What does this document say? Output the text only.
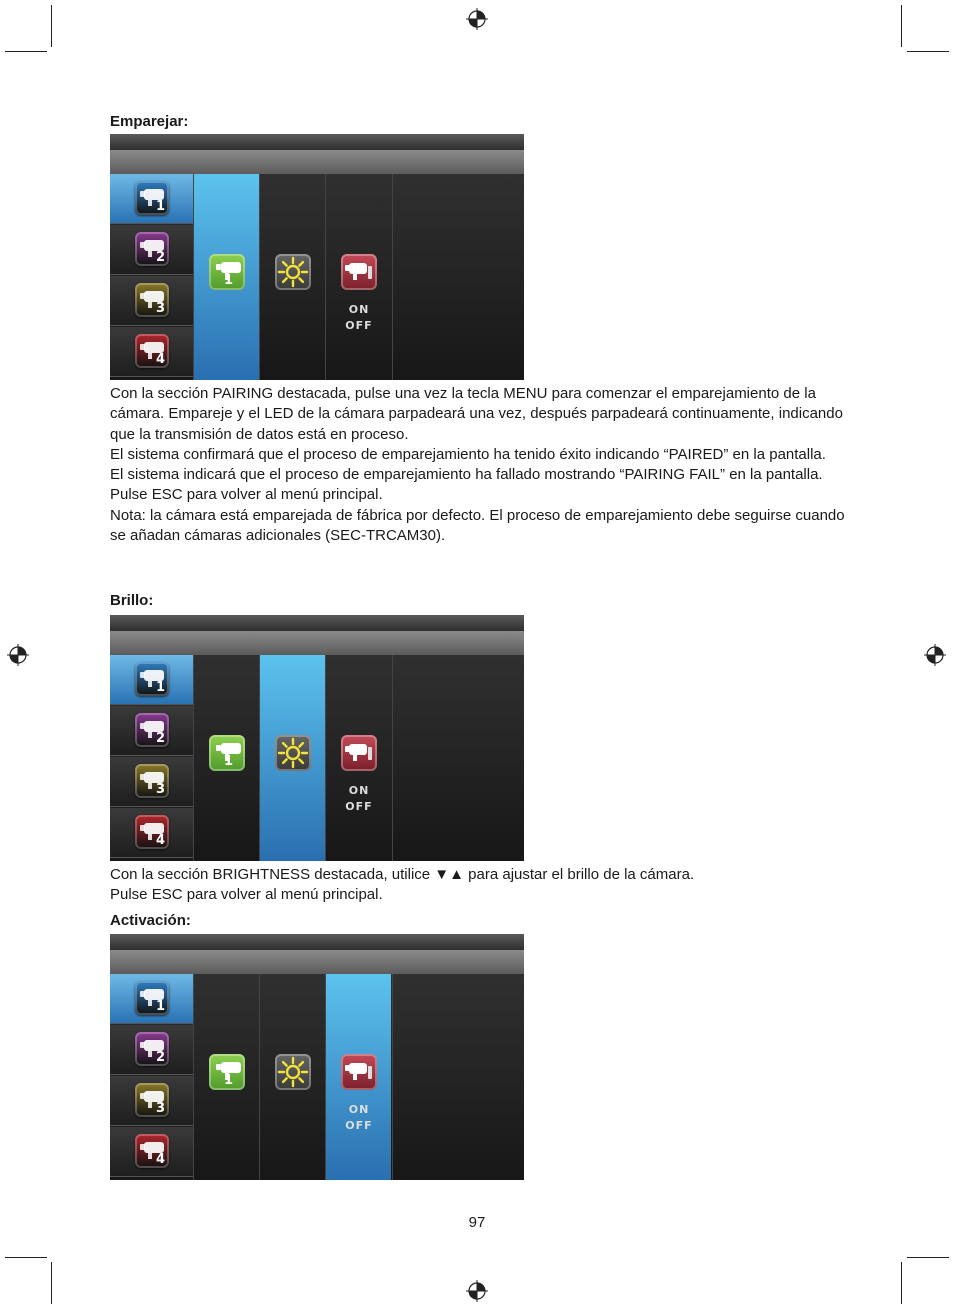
Emparejar:
1
2
3
4
1
ON
OFF

Con la sección PAIRING destacada, pulse una vez la tecla MENU para comenzar el emparejamiento de la cámara. Empareje y el LED de la cámara parpadeará una vez, después parpadeará continuamente, indicando que la transmisión de datos está en proceso.

El sistema confirmará que el proceso de emparejamiento ha tenido éxito indicando “PAIRED” en la pantalla.

El sistema indicará que el proceso de emparejamiento ha fallado mostrando “PAIRING FAIL” en la pantalla.

Pulse ESC para volver al menú principal.

Nota: la cámara está emparejada de fábrica por defecto. El proceso de emparejamiento debe seguirse cuando se añadan cámaras adicionales (SEC-TRCAM30).

Brillo:
1
2
3
4
1
ON
OFF

Con la sección BRIGHTNESS destacada, utilice ▼▲ para ajustar el brillo de la cámara.

Pulse ESC para volver al menú principal.

Activación:
1
2
3
4
1
ON
OFF
97
